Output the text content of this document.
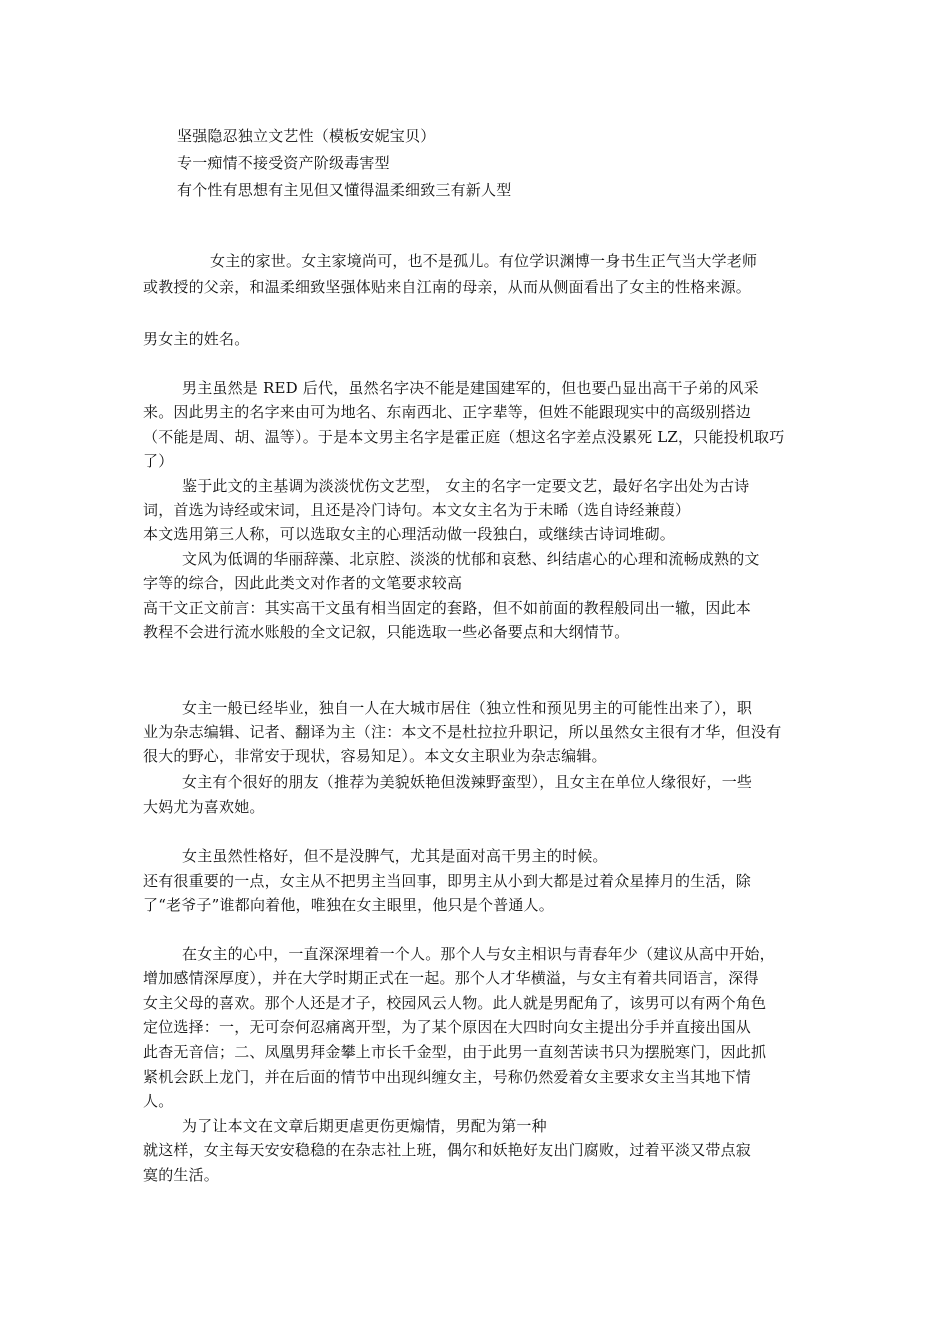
坚强隐忍独立文艺性（模板安妮宝贝）
专一痴情不接受资产阶级毒害型
有个性有思想有主见但又懂得温柔细致三有新人型
女主的家世。女主家境尚可，也不是孤儿。有位学识渊博一身书生正气当大学老师
或教授的父亲，和温柔细致坚强体贴来自江南的母亲，从而从侧面看出了女主的性格来源。
男女主的姓名。
男主虽然是 RED 后代，虽然名字决不能是建国建军的，但也要凸显出高干子弟的风采
来。因此男主的名字来由可为地名、东南西北、正字辈等，但姓不能跟现实中的高级别搭边
（不能是周、胡、温等）。于是本文男主名字是霍正庭（想这名字差点没累死 LZ，只能投机取巧
了）
鉴于此文的主基调为淡淡忧伤文艺型， 女主的名字一定要文艺，最好名字出处为古诗
词，首选为诗经或宋词，且还是冷门诗句。本文女主名为于未晞（选自诗经兼葭）
本文选用第三人称，可以选取女主的心理活动做一段独白，或继续古诗词堆砌。
文风为低调的华丽辞藻、北京腔、淡淡的忧郁和哀愁、纠结虐心的心理和流畅成熟的文
字等的综合，因此此类文对作者的文笔要求较高
高干文正文前言：其实高干文虽有相当固定的套路，但不如前面的教程般同出一辙，因此本
教程不会进行流水账般的全文记叙，只能选取一些必备要点和大纲情节。
女主一般已经毕业，独自一人在大城市居住（独立性和预见男主的可能性出来了），职
业为杂志编辑、记者、翻译为主（注：本文不是杜拉拉升职记，所以虽然女主很有才华，但没有
很大的野心，非常安于现状，容易知足）。本文女主职业为杂志编辑。
女主有个很好的朋友（推荐为美貌妖艳但泼辣野蛮型），且女主在单位人缘很好，一些
大妈尤为喜欢她。
女主虽然性格好，但不是没脾气，尤其是面对高干男主的时候。
还有很重要的一点，女主从不把男主当回事，即男主从小到大都是过着众星捧月的生活，除
了“老爷子”谁都向着他，唯独在女主眼里，他只是个普通人。
在女主的心中，一直深深埋着一个人。那个人与女主相识与青春年少（建议从高中开始，
增加感情深厚度），并在大学时期正式在一起。那个人才华横溢，与女主有着共同语言，深得
女主父母的喜欢。那个人还是才子，校园风云人物。此人就是男配角了，该男可以有两个角色
定位选择：一，无可奈何忍痛离开型，为了某个原因在大四时向女主提出分手并直接出国从
此杳无音信；二、凤凰男拜金攀上市长千金型，由于此男一直刻苦读书只为摆脱寒门，因此抓
紧机会跃上龙门，并在后面的情节中出现纠缠女主，号称仍然爱着女主要求女主当其地下情
人。
为了让本文在文章后期更虐更伤更煽情，男配为第一种
就这样，女主每天安安稳稳的在杂志社上班，偶尔和妖艳好友出门腐败，过着平淡又带点寂
寞的生活。
